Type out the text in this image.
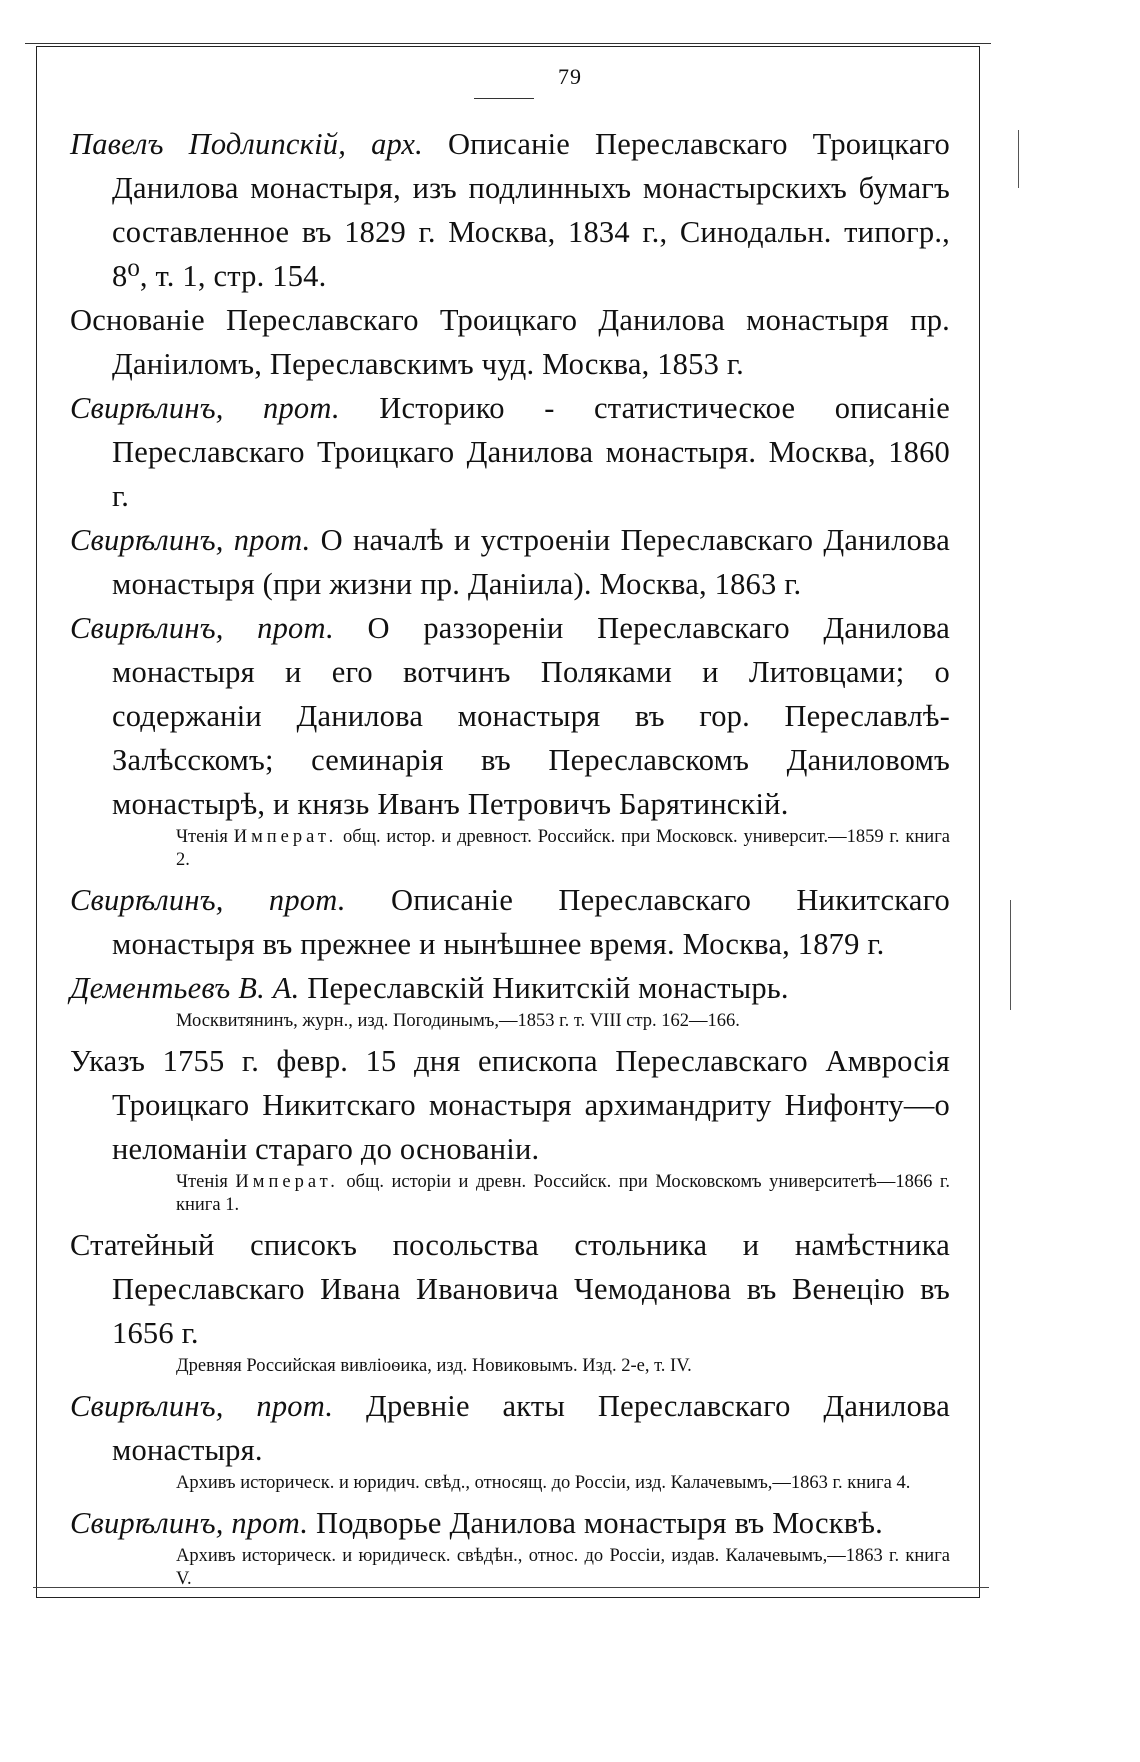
79

Павелъ Подлипскій, арх. Описаніе Переславскаго Троицкаго Данилова монастыря, изъ подлинныхъ монастырскихъ бумагъ составленное въ 1829 г. Москва, 1834 г., Синодальн. типогр., 8⁰, т. 1, стр. 154.

Основаніе Переславскаго Троицкаго Данилова монастыря пр. Даніиломъ, Переславскимъ чуд. Москва, 1853 г.

Свирѣлинъ, прот. Историко - статистическое описаніе Переславскаго Троицкаго Данилова монастыря. Москва, 1860 г.

Свирѣлинъ, прот. О началѣ и устроеніи Переславскаго Данилова монастыря (при жизни пр. Даніила). Москва, 1863 г.

Свирѣлинъ, прот. О раззореніи Переславскаго Данилова монастыря и его вотчинъ Поляками и Литовцами; о содержаніи Данилова монастыря въ гор. Переславлѣ-Залѣсскомъ; семинарія въ Переславскомъ Даниловомъ монастырѣ, и князь Иванъ Петровичъ Барятинскій.

Чтенія Императ. общ. истор. и древност. Российск. при Московск. университ.—1859 г. книга 2.

Свирѣлинъ, прот. Описаніе Переславскаго Никитскаго монастыря въ прежнее и нынѣшнее время. Москва, 1879 г.

Дементьевъ В. А. Переславскій Никитскій монастырь.

Москвитянинъ, журн., изд. Погодинымъ,—1853 г. т. VIII стр. 162—166.

Указъ 1755 г. февр. 15 дня епископа Переславскаго Амвросія Троицкаго Никитскаго монастыря архимандриту Нифонту—о неломаніи стараго до основаніи.

Чтенія Императ. общ. исторіи и древн. Российск. при Московскомъ университетѣ—1866 г. книга 1.

Статейный списокъ посольства стольника и намѣстника Переславскаго Ивана Ивановича Чемоданова въ Венецію въ 1656 г.

Древняя Российская вивліоѳика, изд. Новиковымъ. Изд. 2-е, т. IV.

Свирѣлинъ, прот. Древніе акты Переславскаго Данилова монастыря.

Архивъ историческ. и юридич. свѣд., относящ. до Россіи, изд. Калачевымъ,—1863 г. книга 4.

Свирѣлинъ, прот. Подворье Данилова монастыря въ Москвѣ.

Архивъ историческ. и юридическ. свѣдѣн., относ. до Россіи, издав. Калачевымъ,—1863 г. книга V.
